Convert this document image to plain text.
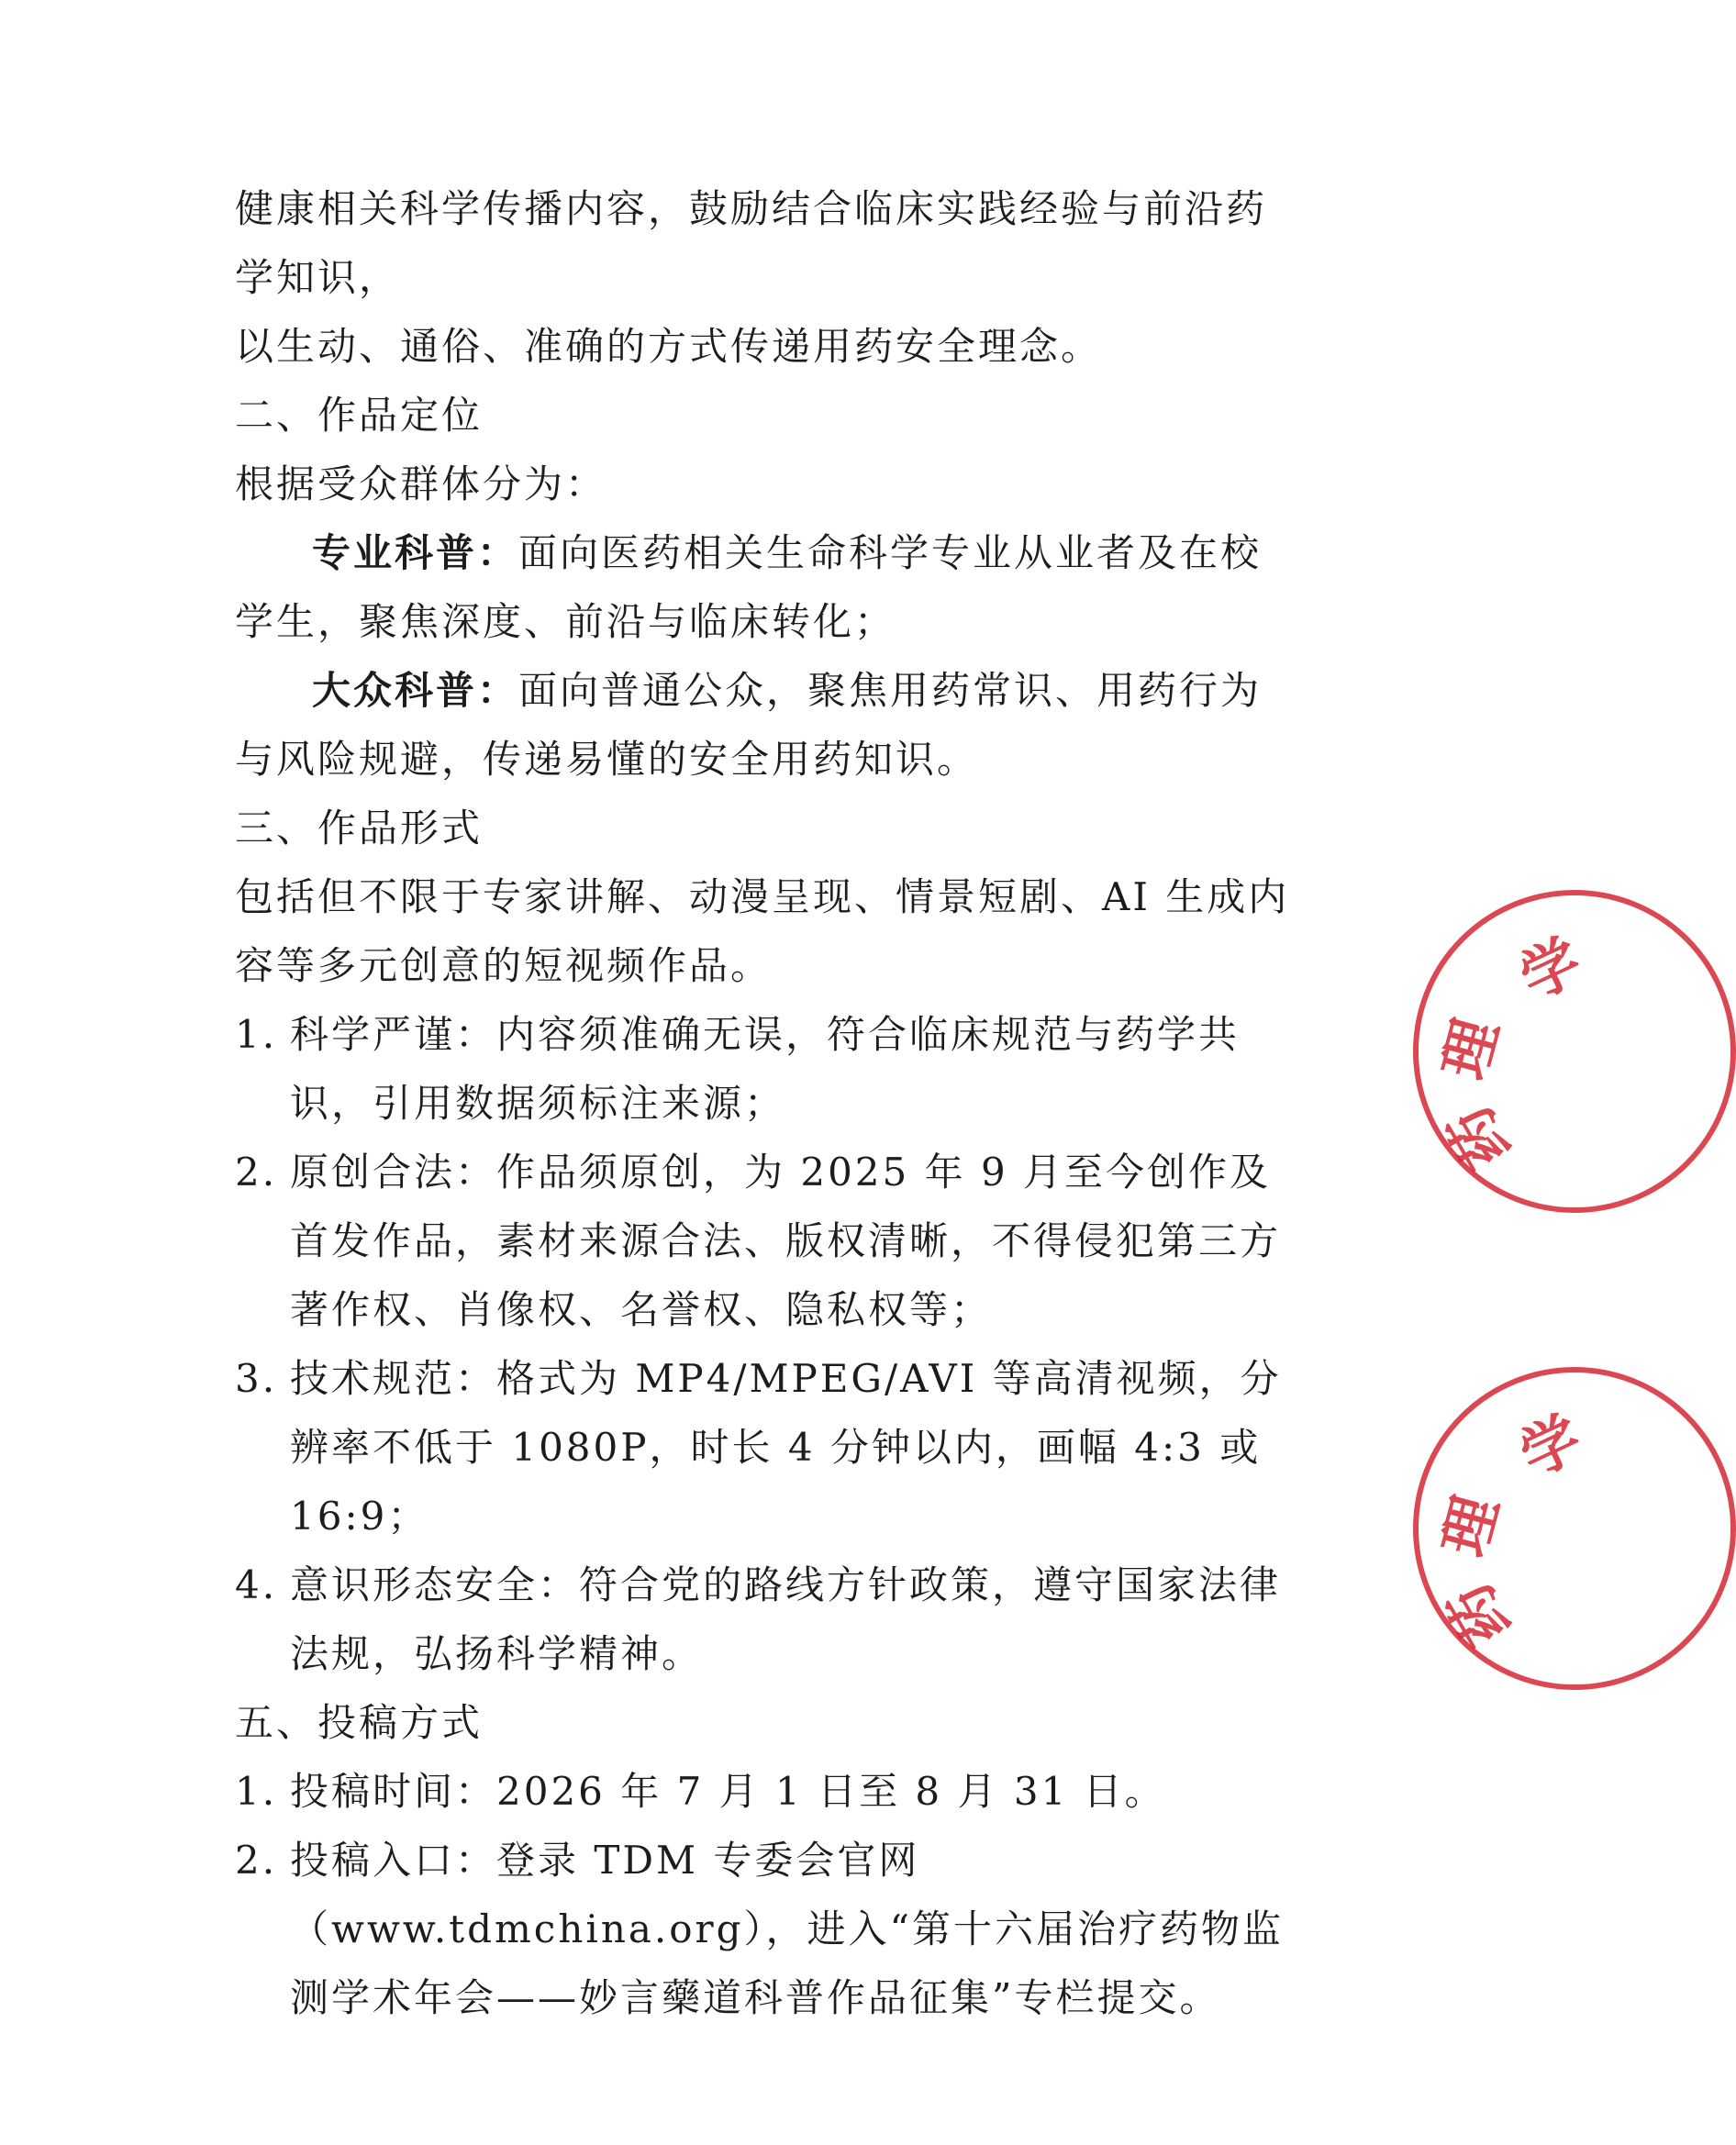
健康相关科学传播内容，鼓励结合临床实践经验与前沿药学知识，
以生动、通俗、准确的方式传递用药安全理念。

二、作品定位

根据受众群体分为：

专业科普：面向医药相关生命科学专业从业者及在校学生，聚焦深度、前沿与临床转化；

大众科普：面向普通公众，聚焦用药常识、用药行为与风险规避，传递易懂的安全用药知识。

三、作品形式

包括但不限于专家讲解、动漫呈现、情景短剧、AI 生成内容等多元创意的短视频作品。

1. 科学严谨：内容须准确无误，符合临床规范与药学共识，引用数据须标注来源；
2. 原创合法：作品须原创，为 2025 年 9 月至今创作及首发作品，素材来源合法、版权清晰，不得侵犯第三方著作权、肖像权、名誉权、隐私权等；
3. 技术规范：格式为 MP4/MPEG/AVI 等高清视频，分辨率不低于 1080P，时长 4 分钟以内，画幅 4:3 或 16:9；
4. 意识形态安全：符合党的路线方针政策，遵守国家法律法规，弘扬科学精神。

五、投稿方式

1. 投稿时间：2026 年 7 月 1 日至 8 月 31 日。
2. 投稿入口：登录 TDM 专委会官网（www.tdmchina.org），进入“第十六届治疗药物监测学术年会——妙言藥道科普作品征集”专栏提交。
学
理
药
学
理
药
